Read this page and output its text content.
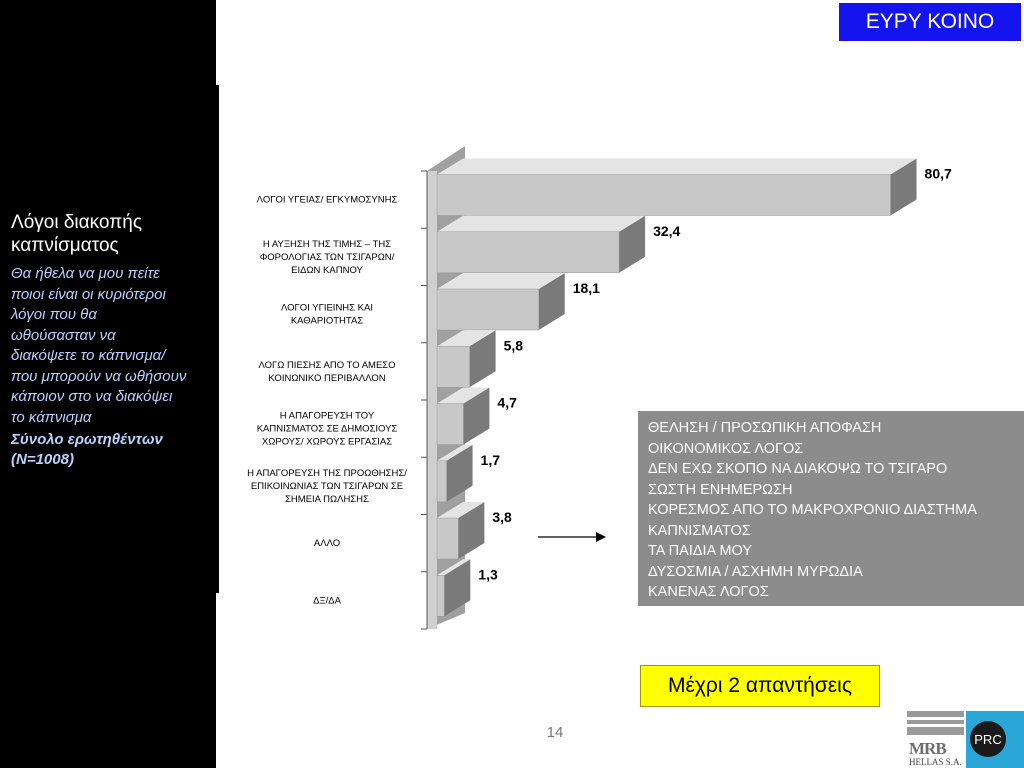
Λόγοι διακοπής
καπνίσματος
Θα ήθελα να μου πείτε
ποιοι είναι οι κυριότεροι
λόγοι που θα
ωθούσασταν να
διακόψετε το κάπνισμα/
που μπορούν να ωθήσουν
κάποιον στο να διακόψει
το κάπνισμα
Σύνολο ερωτηθέντων
(Ν=1008)
ΕΥΡΥ ΚΟΙΝΟ
80,7
ΛΟΓΟΙ ΥΓΕΙΑΣ/ ΕΓΚΥΜΟΣΥΝΗΣ
32,4
Η ΑΥΞΗΣΗ ΤΗΣ ΤΙΜΗΣ – ΤΗΣ
ΦΟΡΟΛΟΓΙΑΣ ΤΩΝ ΤΣΙΓΑΡΩΝ/
ΕΙΔΩΝ ΚΑΠΝΟΥ
18,1
ΛΟΓΟΙ ΥΓΙΕΙΝΗΣ ΚΑΙ
ΚΑΘΑΡΙΟΤΗΤΑΣ
5,8
ΛΟΓΩ ΠΙΕΣΗΣ ΑΠΟ ΤΟ ΑΜΕΣΟ
ΚΟΙΝΩΝΙΚΟ ΠΕΡΙΒΑΛΛΟΝ
4,7
Η ΑΠΑΓΟΡΕΥΣΗ ΤΟΥ
ΚΑΠΝΙΣΜΑΤΟΣ ΣΕ ΔΗΜΟΣΙΟΥΣ
ΧΩΡΟΥΣ/ ΧΩΡΟΥΣ ΕΡΓΑΣΙΑΣ
1,7
Η ΑΠΑΓΟΡΕΥΣΗ ΤΗΣ ΠΡΟΩΘΗΣΗΣ/
ΕΠΙΚΟΙΝΩΝΙΑΣ ΤΩΝ ΤΣΙΓΑΡΩΝ ΣΕ
ΣΗΜΕΙΑ ΠΩΛΗΣΗΣ
3,8
ΑΛΛΟ
1,3
ΔΞ/ΔΑ
ΘΕΛΗΣΗ / ΠΡΟΣΩΠΙΚΗ ΑΠΟΦΑΣΗ
ΟΙΚΟΝΟΜΙΚΟΣ ΛΟΓΟΣ
ΔΕΝ ΕΧΩ ΣΚΟΠΟ ΝΑ ΔΙΑΚΟΨΩ ΤΟ ΤΣΙΓΑΡΟ
ΣΩΣΤΗ ΕΝΗΜΕΡΩΣΗ
ΚΟΡΕΣΜΟΣ ΑΠΟ ΤΟ ΜΑΚΡΟΧΡΟΝΙΟ ΔΙΑΣΤΗΜΑ
ΚΑΠΝΙΣΜΑΤΟΣ
ΤΑ ΠΑΙΔΙΑ ΜΟΥ
ΔΥΣΟΣΜΙΑ / ΑΣΧΗΜΗ ΜΥΡΩΔΙΑ
ΚΑΝΕΝΑΣ ΛΟΓΟΣ
Μέχρι 2 απαντήσεις
14
MRB
HELLAS S.A.
PRC
